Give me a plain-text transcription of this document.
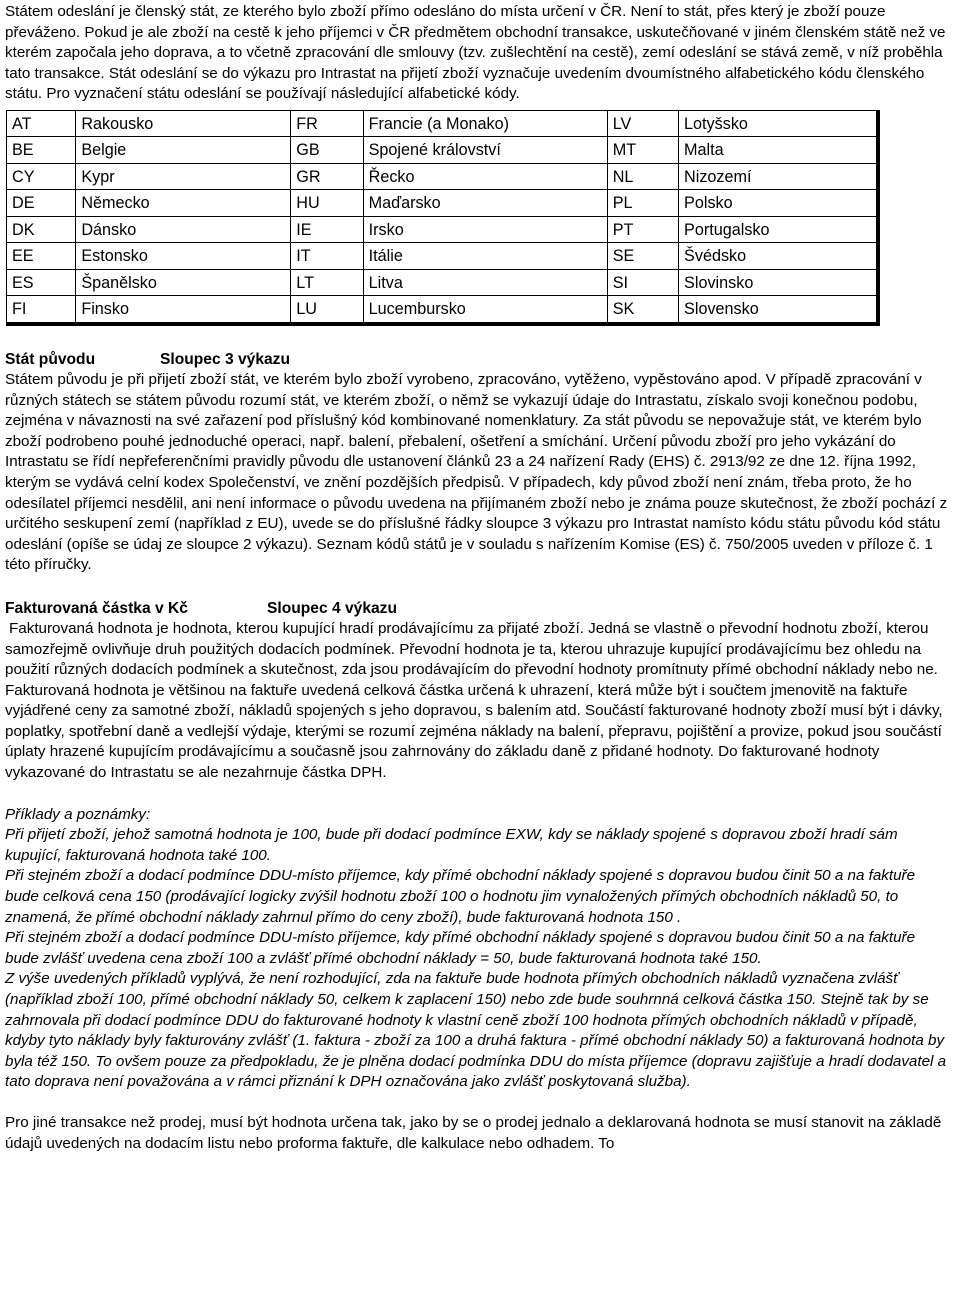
Státem odeslání je členský stát, ze kterého bylo zboží přímo odesláno do místa určení v ČR. Není to stát, přes který je zboží pouze převáženo. Pokud je ale zboží na cestě k jeho příjemci v ČR předmětem obchodní transakce, uskutečňované v jiném členském státě než ve kterém započala jeho doprava, a to včetně zpracování dle smlouvy (tzv. zušlechtění na cestě), zemí odeslání se stává země, v níž proběhla tato transakce. Stát odeslání se do výkazu pro Intrastat na přijetí zboží vyznačuje uvedením dvoumístného alfabetického kódu členského státu. Pro vyznačení státu odeslání se používají následující alfabetické kódy.

AT	Rakousko	FR	Francie (a Monako)	LV	Lotyšsko
BE	Belgie	GB	Spojené království	MT	Malta
CY	Kypr	GR	Řecko	NL	Nizozemí
DE	Německo	HU	Maďarsko	PL	Polsko
DK	Dánsko	IE	Irsko	PT	Portugalsko
EE	Estonsko	IT	Itálie	SE	Švédsko
ES	Španělsko	LT	Litva	SI	Slovinsko
FI	Finsko	LU	Lucembursko	SK	Slovensko
Stát původu	Sloupec 3 výkazu

Státem původu je při přijetí zboží stát, ve kterém bylo zboží vyrobeno, zpracováno, vytěženo, vypěstováno apod. V případě zpracování v různých státech se státem původu rozumí stát, ve kterém zboží, o němž se vykazují údaje do Intrastatu, získalo svoji konečnou podobu, zejména v návaznosti na své zařazení pod příslušný kód kombinované nomenklatury. Za stát původu se nepovažuje stát, ve kterém bylo zboží podrobeno pouhé jednoduché operaci, např. balení, přebalení, ošetření a smíchání. Určení původu zboží pro jeho vykázání do Intrastatu se řídí nepřeferenčními pravidly původu dle ustanovení článků 23 a 24 nařízení Rady (EHS) č. 2913/92 ze dne 12. října 1992, kterým se vydává celní kodex Společenství, ve znění pozdějších předpisů. V případech, kdy původ zboží není znám, třeba proto, že ho odesílatel příjemci nesdělil, ani není informace o původu uvedena na přijímaném zboží nebo je známa pouze skutečnost, že zboží pochází z určitého seskupení zemí (například z EU), uvede se do příslušné řádky sloupce 3 výkazu pro Intrastat namísto kódu státu původu kód státu odeslání (opíše se údaj ze sloupce 2 výkazu). Seznam kódů států je v souladu s nařízením Komise (ES) č. 750/2005 uveden v příloze č. 1 této příručky.

Fakturovaná částka v Kč	Sloupec 4 výkazu

Fakturovaná hodnota je hodnota, kterou kupující hradí prodávajícímu za přijaté zboží. Jedná se vlastně o převodní hodnotu zboží, kterou samozřejmě ovlivňuje druh použitých dodacích podmínek. Převodní hodnota je ta, kterou uhrazuje kupující prodávajícímu bez ohledu na použití různých dodacích podmínek a skutečnost, zda jsou prodávajícím do převodní hodnoty promítnuty přímé obchodní náklady nebo ne. Fakturovaná hodnota je většinou na faktuře uvedená celková částka určená k uhrazení, která může být i součtem jmenovitě na faktuře vyjádřené ceny za samotné zboží, nákladů spojených s jeho dopravou, s balením atd. Součástí fakturované hodnoty zboží musí být i dávky, poplatky, spotřební daně a vedlejší výdaje, kterými se rozumí zejména náklady na balení, přepravu, pojištění a provize, pokud jsou součástí úplaty hrazené kupujícím prodávajícímu a současně jsou zahrnovány do základu daně z přidané hodnoty. Do fakturované hodnoty vykazované do Intrastatu se ale nezahrnuje částka DPH.

Příklady a poznámky:

Při přijetí zboží, jehož samotná hodnota je 100, bude při dodací podmínce EXW, kdy se náklady spojené s dopravou zboží hradí sám kupující, fakturovaná hodnota také 100.

Při stejném zboží a dodací podmínce DDU-místo příjemce, kdy přímé obchodní náklady spojené s dopravou budou činit 50 a na faktuře bude celková cena 150 (prodávající logicky zvýšil hodnotu zboží 100 o hodnotu jim vynaložených přímých obchodních nákladů 50, to znamená, že přímé obchodní náklady zahrnul přímo do ceny zboží), bude fakturovaná hodnota 150 .

Při stejném zboží a dodací podmínce DDU-místo příjemce, kdy přímé obchodní náklady spojené s dopravou budou činit 50 a na faktuře bude zvlášť uvedena cena zboží 100 a zvlášť přímé obchodní náklady = 50, bude fakturovaná hodnota také 150.

Z výše uvedených příkladů vyplývá, že není rozhodující, zda na faktuře bude hodnota přímých obchodních nákladů vyznačena zvlášť (například zboží 100, přímé obchodní náklady 50, celkem k zaplacení 150) nebo zde bude souhrnná celková částka 150. Stejně tak by se zahrnovala při dodací podmínce DDU do fakturované hodnoty k vlastní ceně zboží 100 hodnota přímých obchodních nákladů v případě, kdyby tyto náklady byly fakturovány zvlášť (1. faktura - zboží za 100 a druhá faktura - přímé obchodní náklady 50) a fakturovaná hodnota by byla též 150. To ovšem pouze za předpokladu, že je plněna dodací podmínka DDU do místa příjemce (dopravu zajišťuje a hradí dodavatel a tato doprava není považována a v rámci přiznání k DPH označována jako zvlášť poskytovaná služba).

Pro jiné transakce než prodej, musí být hodnota určena tak, jako by se o prodej jednalo a deklarovaná hodnota se musí stanovit na základě údajů uvedených na dodacím listu nebo proforma faktuře, dle kalkulace nebo odhadem. To
